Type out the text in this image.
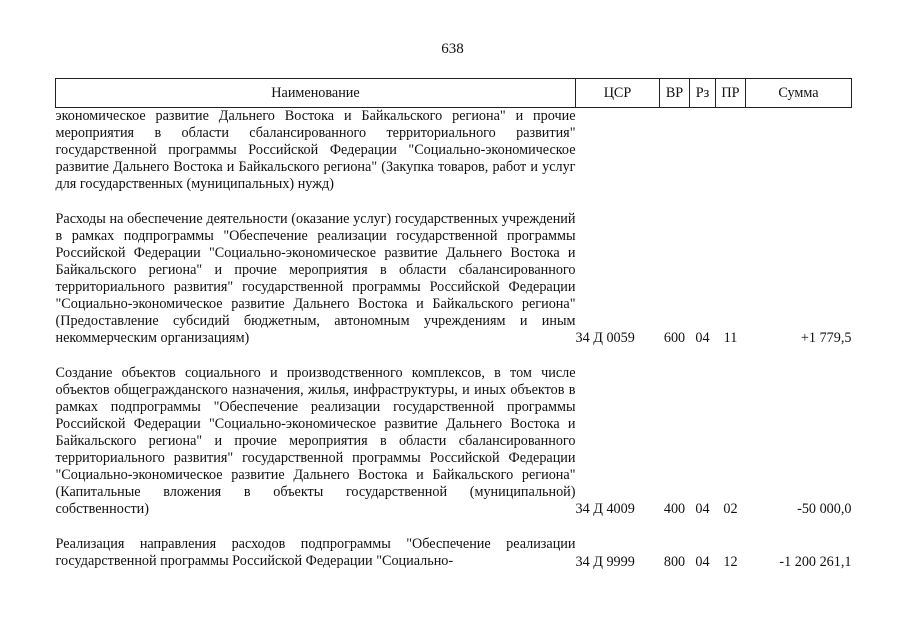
638
Наименование	ЦСР	ВР	Рз	ПР	Сумма
экономическое развитие Дальнего Востока и Байкальского региона" и прочие мероприятия в области сбалансированного территориального развития" государственной программы Российской Федерации "Социально-экономическое развитие Дальнего Востока и Байкальского региона" (Закупка товаров, работ и услуг для государственных (муниципальных) нужд)					

Расходы на обеспечение деятельности (оказание услуг) государственных учреждений в рамках подпрограммы "Обеспечение реализации государственной программы Российской Федерации "Социально-экономическое развитие Дальнего Востока и Байкальского региона" и прочие мероприятия в области сбалансированного территориального развития" государственной программы Российской Федерации "Социально-экономическое развитие Дальнего Востока и Байкальского региона" (Предоставление субсидий бюджетным, автономным учреждениям и иным некоммерческим организациям)	34 Д 0059	600	04	11	+1 779,5

Создание объектов социального и производственного комплексов, в том числе объектов общегражданского назначения, жилья, инфраструктуры, и иных объектов в рамках подпрограммы "Обеспечение реализации государственной программы Российской Федерации "Социально-экономическое развитие Дальнего Востока и Байкальского региона" и прочие мероприятия в области сбалансированного территориального развития" государственной программы Российской Федерации "Социально-экономическое развитие Дальнего Востока и Байкальского региона" (Капитальные вложения в объекты государственной (муниципальной) собственности)	34 Д 4009	400	04	02	-50 000,0

Реализация направления расходов подпрограммы "Обеспечение реализации государственной программы Российской Федерации "Социально-	34 Д 9999	800	04	12	-1 200 261,1
